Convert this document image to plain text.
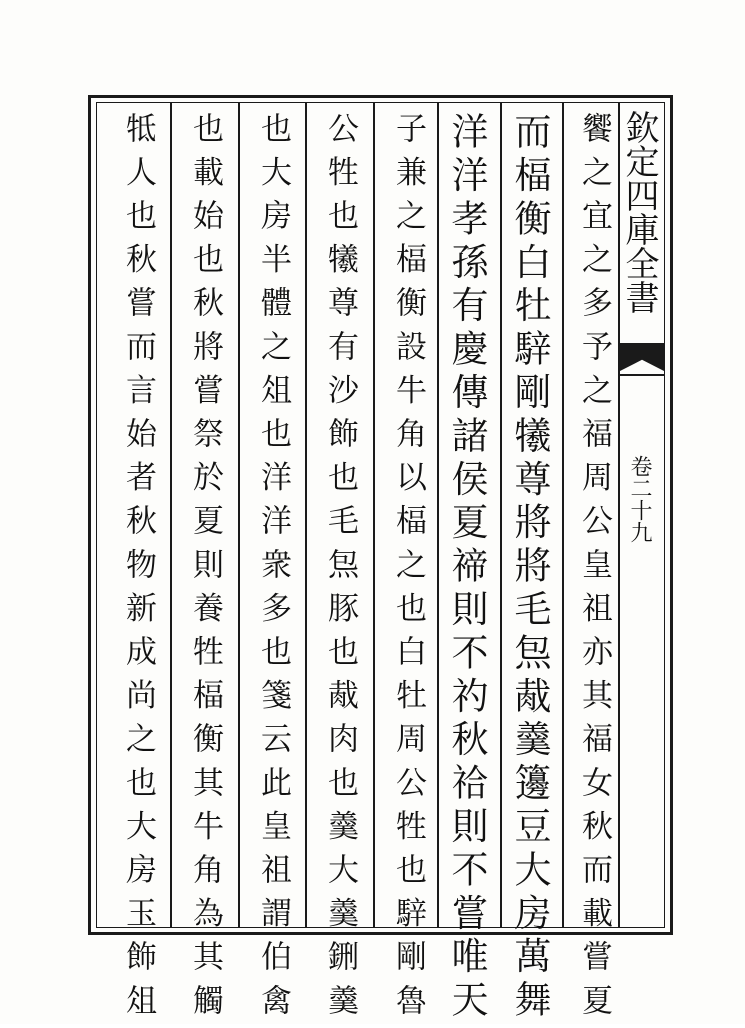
欽定四庫全書
卷二十九
饗之宜之多予之福周公皇祖亦其福女秋而載嘗夏
而楅衡白牡騂剛犧尊將將毛炰胾羹籩豆大房萬舞
洋洋孝孫有慶傳諸侯夏禘則不礿秋祫則不嘗唯天
子兼之楅衡設牛角以楅之也白牡周公牲也騂剛魯
公牲也犧尊有沙飾也毛炰豚也胾肉也羹大羹鉶羹
也大房半體之俎也洋洋衆多也箋云此皇祖謂伯禽
也載始也秋將嘗祭於夏則養牲楅衡其牛角為其觸
牴人也秋嘗而言始者秋物新成尚之也大房玉飾俎
